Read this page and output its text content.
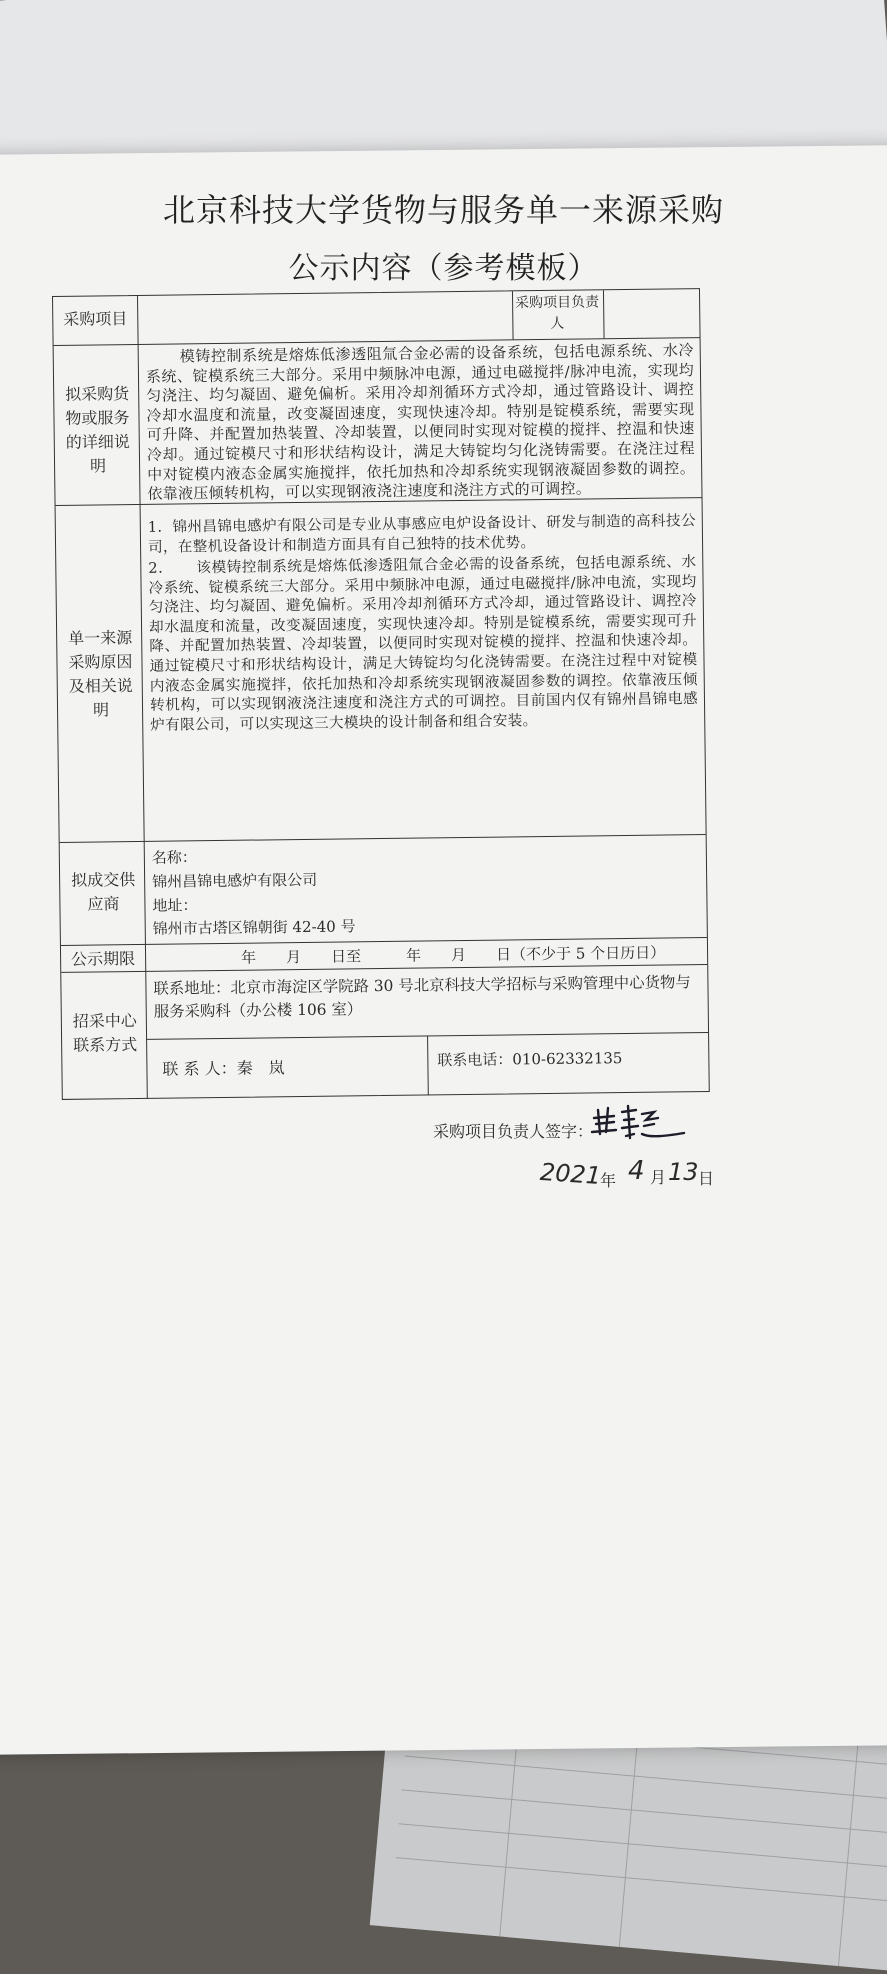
北京科技大学货物与服务单一来源采购
公示内容（参考模板）
采购项目
采购项目负责人
拟采购货物或服务的详细说明
模铸控制系统是熔炼低渗透阻氚合金必需的设备系统，包括电源系统、水冷系统、锭模系统三大部分。采用中频脉冲电源，通过电磁搅拌/脉冲电流，实现均匀浇注、均匀凝固、避免偏析。采用冷却剂循环方式冷却，通过管路设计、调控冷却水温度和流量，改变凝固速度，实现快速冷却。特别是锭模系统，需要实现可升降、并配置加热装置、冷却装置，以便同时实现对锭模的搅拌、控温和快速冷却。通过锭模尺寸和形状结构设计，满足大铸锭均匀化浇铸需要。在浇注过程中对锭模内液态金属实施搅拌，依托加热和冷却系统实现钢液凝固参数的调控。依靠液压倾转机构，可以实现钢液浇注速度和浇注方式的可调控。
单一来源采购原因及相关说明
1．锦州昌锦电感炉有限公司是专业从事感应电炉设备设计、研发与制造的高科技公司，在整机设备设计和制造方面具有自己独特的技术优势。
2．　　该模铸控制系统是熔炼低渗透阻氚合金必需的设备系统，包括电源系统、水冷系统、锭模系统三大部分。采用中频脉冲电源，通过电磁搅拌/脉冲电流，实现均匀浇注、均匀凝固、避免偏析。采用冷却剂循环方式冷却，通过管路设计、调控冷却水温度和流量，改变凝固速度，实现快速冷却。特别是锭模系统，需要实现可升降、并配置加热装置、冷却装置，以便同时实现对锭模的搅拌、控温和快速冷却。通过锭模尺寸和形状结构设计，满足大铸锭均匀化浇铸需要。在浇注过程中对锭模内液态金属实施搅拌，依托加热和冷却系统实现钢液凝固参数的调控。依靠液压倾转机构，可以实现钢液浇注速度和浇注方式的可调控。目前国内仅有锦州昌锦电感炉有限公司，可以实现这三大模块的设计制备和组合安装。
拟成交供应商
名称：
锦州昌锦电感炉有限公司
地址：
锦州市古塔区锦朝街 42-40 号
公示期限	年　　月　　日至　　　年　　月　　日（不少于 5 个日历日）
招采中心联系方式
联系地址：北京市海淀区学院路 30 号北京科技大学招标与采购管理中心货物与服务采购科（办公楼 106 室）
联 系 人：秦　岚	联系电话：010-62332135
采购项目负责人签字：
2021
年 4 月 13 日
